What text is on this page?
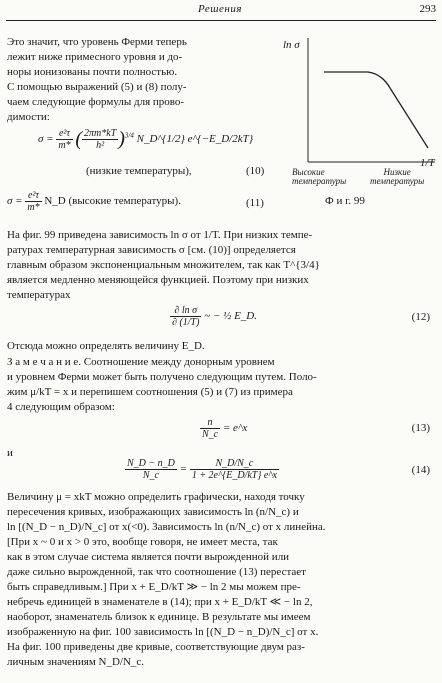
Решения	293
Это значит, что уровень Ферми теперь
лежит ниже примесного уровня и до-
норы ионизованы почти полностью.
С помощью выражений (5) и (8) полу-
чаем следующие формулы для прово-
димости:
$\sigma = \frac{\text{e²τ}}{m*}$ ( $\frac{2\pi m*kT}{\text{h²}} )^{3/4}$ N_D^{1/2} e^{−E_D/2kT}
(низкие температуры),	(10)
$\sigma = \frac{\text{e²τ}}{m*}$ N_D (высокие температуры).	(11)
ln σ
1/T
Высокие
температуры
Низкие
температуры
Ф и г. 99
На фиг. 99 приведена зависимость ln σ от 1/T. При низких темпе-
ратурах температурная зависимость σ [см. (10)] определяется
главным образом экспоненциальным множителем, так как T^{3/4}
является медленно меняющейся функцией. Поэтому при низких
температурах
$\frac{\text{∂ ln σ}}{\partial (1/T)}$ ~ − ½ E_D.	(12)
Отсюда можно определять величину E_D.
З а м е ч а н и е. Соотношение между донорным уровнем
и уровнем Ферми может быть получено следующим путем. Поло-
жим μ/kT = x и перепишем соотношения (5) и (7) из примера
4 следующим образом:
$\frac{n}{N\_c}$ = e^x	(13)
и
$\frac{N\_D - n\_D}{N\_c} = \frac{N\_D/N\_c}{1 + 2e\^{}\{E\_D/kT\} e\^{}x}$	(14)
Величину μ = xkT можно определить графически, находя точку
пересечения кривых, изображающих зависимость ln (n/N_c) и
ln [(N_D − n_D)/N_c] от x(<0). Зависимость ln (n/N_c) от x линейна.
[При x ~ 0 и x > 0 это, вообще говоря, не имеет места, так
как в этом случае система является почти вырожденной или
даже сильно вырожденной, так что соотношение (13) перестает
быть справедливым.] При x + E_D/kT ≫ − ln 2 мы можем пре-
небречь единицей в знаменателе в (14); при x + E_D/kT ≪ − ln 2,
наоборот, знаменатель близок к единице. В результате мы имеем
изображенную на фиг. 100 зависимость ln [(N_D − n_D)/N_c] от x.
На фиг. 100 приведены две кривые, соответствующие двум раз-
личным значениям N_D/N_c.
